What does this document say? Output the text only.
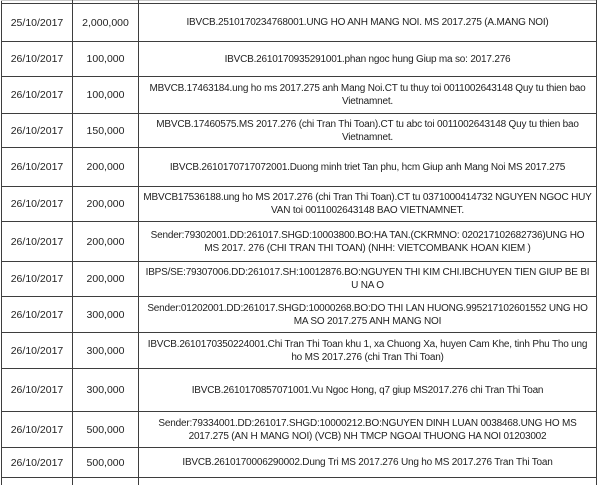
25/10/2017	2,000,000	IBVCB.2510170234768001.UNG HO ANH MANG NOI. MS 2017.275 (A.MANG NOI)
26/10/2017	100,000	IBVCB.2610170935291001.phan ngoc hung Giup ma so: 2017.276
26/10/2017	100,000	MBVCB.17463184.ung ho ms 2017.275 anh Mang Noi.CT tu thuy toi 0011002643148 Quy tu thien bao Vietnamnet.
26/10/2017	150,000	MBVCB.17460575.MS 2017.276 (chi Tran Thi Toan).CT tu abc toi 0011002643148 Quy tu thien bao Vietnamnet.
26/10/2017	200,000	IBVCB.2610170717072001.Duong minh triet Tan phu, hcm Giup anh Mang Noi MS 2017.275
26/10/2017	200,000	MBVCB17536188.ung ho MS 2017.276 (chi Tran Thi Toan).CT tu 0371000414732 NGUYEN NGOC HUY VAN toi 0011002643148 BAO VIETNAMNET.
26/10/2017	200,000	Sender:79302001.DD:261017.SHGD:10003800.BO:HA TAN.(CKRMNO: 020217102682736)UNG HO MS 2017. 276 (CHI TRAN THI TOAN) (NHH: VIETCOMBANK HOAN KIEM )
26/10/2017	200,000	IBPS/SE:79307006.DD:261017.SH:10012876.BO:NGUYEN THI KIM CHI.IBCHUYEN TIEN GIUP BE BI U NA O
26/10/2017	300,000	Sender:01202001.DD:261017.SHGD:10000268.BO:DO THI LAN HUONG.995217102601552 UNG HO MA SO 2017.275 ANH MANG NOI
26/10/2017	300,000	IBVCB.2610170350224001.Chi Tran Thi Toan khu 1, xa Chuong Xa, huyen Cam Khe, tinh Phu Tho ung ho MS 2017.276 (chi Tran Thi Toan)
26/10/2017	300,000	IBVCB.2610170857071001.Vu Ngoc Hong, q7 giup MS2017.276 chi Tran Thi Toan
26/10/2017	500,000	Sender:79334001.DD:261017.SHGD:10000212.BO:NGUYEN DINH LUAN 0038468.UNG HO MS 2017.275 (AN H MANG NOI) (VCB) NH TMCP NGOAI THUONG HA NOI 01203002
26/10/2017	500,000	IBVCB.2610170006290002.Dung Tri MS 2017.276 Ung ho MS 2017.276 Tran Thi Toan
